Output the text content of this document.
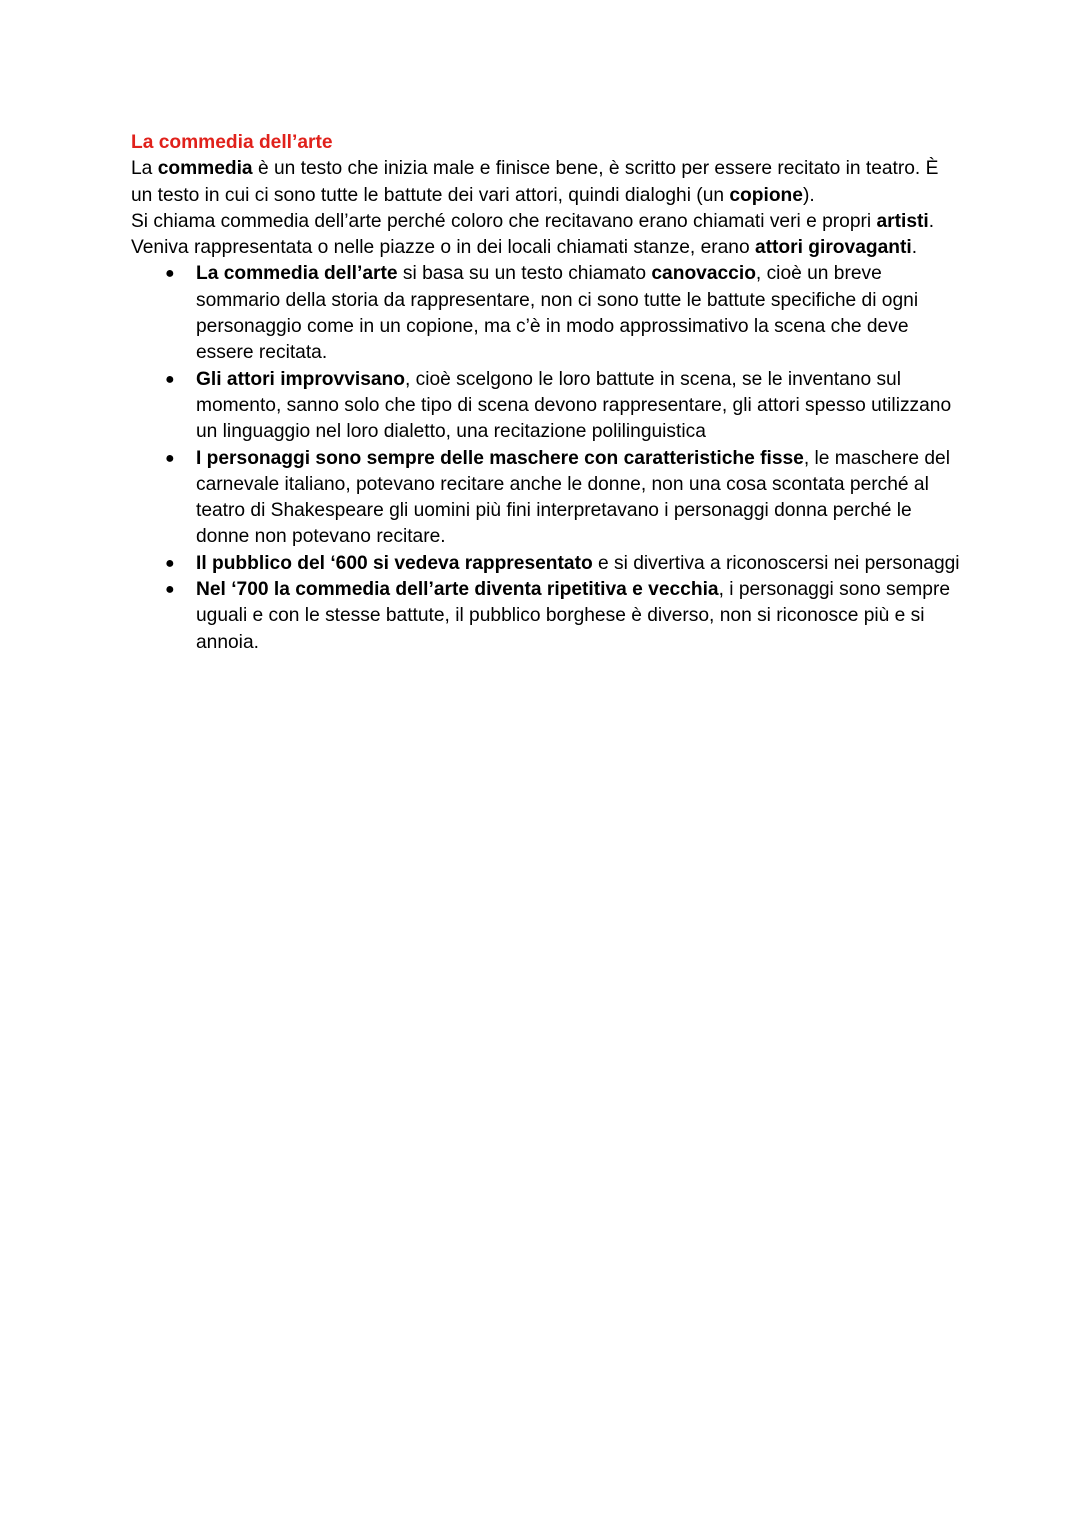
La commedia dell’arte
La commedia è un testo che inizia male e finisce bene, è scritto per essere recitato in teatro. È un testo in cui ci sono tutte le battute dei vari attori, quindi dialoghi (un copione).
Si chiama commedia dell’arte perché coloro che recitavano erano chiamati veri e propri artisti. Veniva rappresentata o nelle piazze o in dei locali chiamati stanze, erano attori girovaganti.
● La commedia dell’arte si basa su un testo chiamato canovaccio, cioè un breve sommario della storia da rappresentare, non ci sono tutte le battute specifiche di ogni personaggio come in un copione, ma c’è in modo approssimativo la scena che deve essere recitata.
● Gli attori improvvisano, cioè scelgono le loro battute in scena, se le inventano sul momento, sanno solo che tipo di scena devono rappresentare, gli attori spesso utilizzano un linguaggio nel loro dialetto, una recitazione polilinguistica
● I personaggi sono sempre delle maschere con caratteristiche fisse, le maschere del carnevale italiano, potevano recitare anche le donne, non una cosa scontata perché al teatro di Shakespeare gli uomini più fini interpretavano i personaggi donna perché le donne non potevano recitare.
● Il pubblico del ‘600 si vedeva rappresentato e si divertiva a riconoscersi nei personaggi
● Nel ‘700 la commedia dell’arte diventa ripetitiva e vecchia, i personaggi sono sempre uguali e con le stesse battute, il pubblico borghese è diverso, non si riconosce più e si annoia.
